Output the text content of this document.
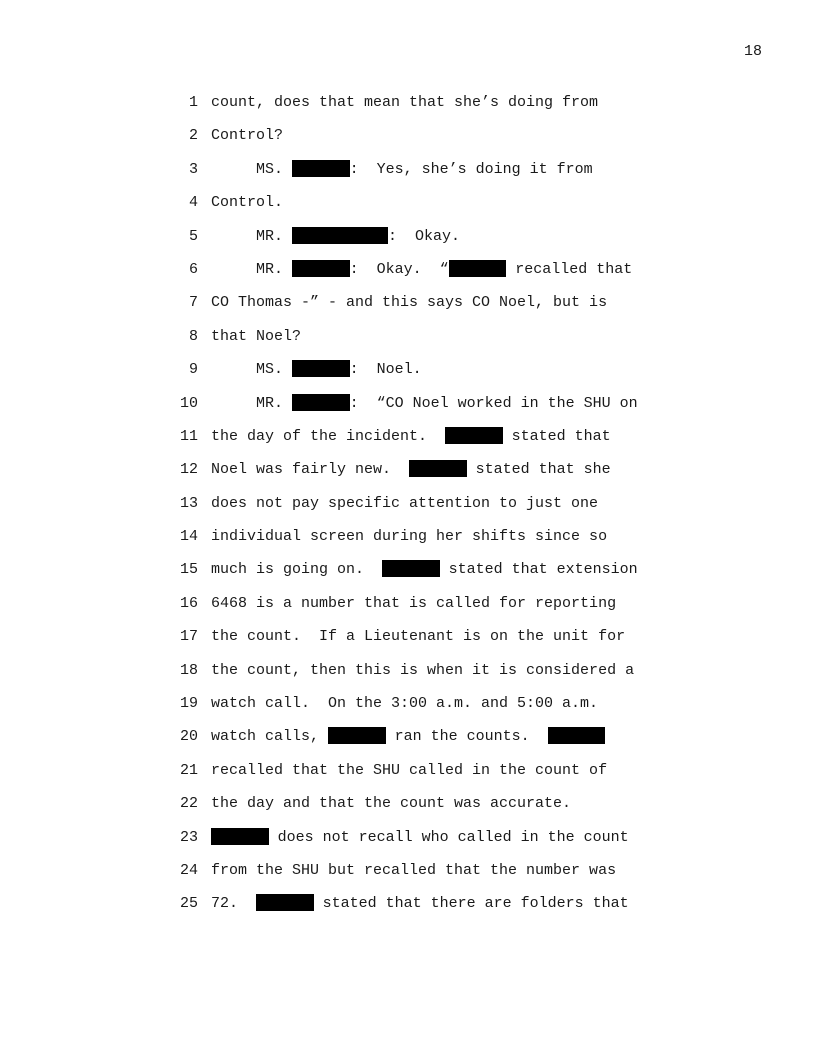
18
1 count, does that mean that she’s doing from
2 Control?
3 MS.	:  Yes, she’s doing it from
4 Control.
5 MR.	:  Okay.
6 MR.	:  Okay.  “	recalled that
7 CO Thomas -” - and this says CO Noel, but is
8 that Noel?
9 MS.	:  Noel.
10 MR.	:  “CO Noel worked in the SHU on
11 the day of the incident.	stated that
12 Noel was fairly new.	stated that she
13 does not pay specific attention to just one
14 individual screen during her shifts since so
15 much is going on.	stated that extension
16 6468 is a number that is called for reporting
17 the count.  If a Lieutenant is on the unit for
18 the count, then this is when it is considered a
19 watch call.  On the 3:00 a.m. and 5:00 a.m.
20 watch calls,	ran the counts.
21 recalled that the SHU called in the count of
22 the day and that the count was accurate.
23	does not recall who called in the count
24 from the SHU but recalled that the number was
25 72.	stated that there are folders that
